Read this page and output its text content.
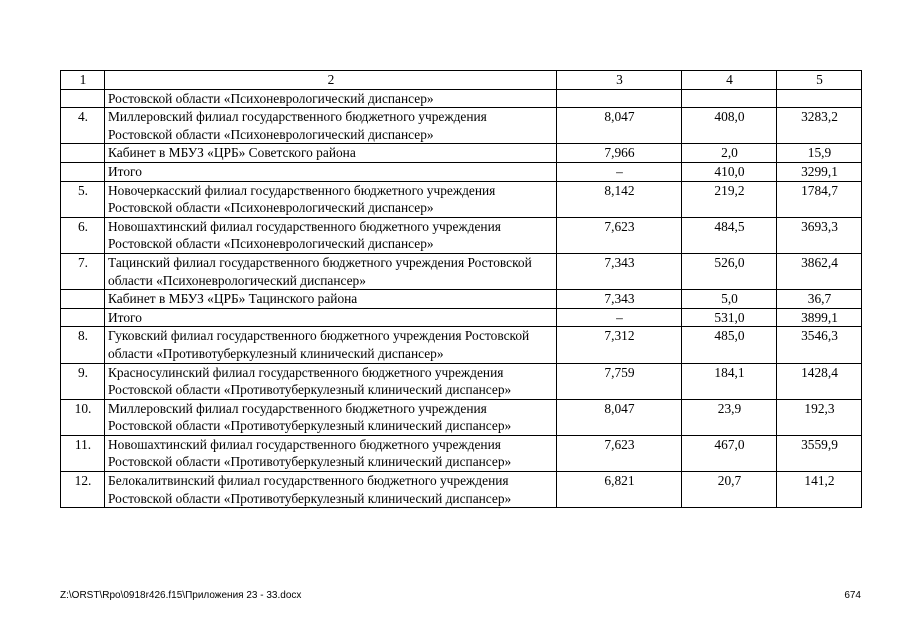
1	2	3	4	5
	Ростовской области «Психоневрологический диспансер»			
4.	Миллеровский филиал государственного бюджетного учреждения Ростовской области «Психоневрологический диспансер»	8,047	408,0	3283,2
	Кабинет в МБУЗ «ЦРБ» Советского района	7,966	2,0	15,9
	Итого	–	410,0	3299,1
5.	Новочеркасский филиал государственного бюджетного учреждения Ростовской области «Психоневрологический диспансер»	8,142	219,2	1784,7
6.	Новошахтинский филиал государственного бюджетного учреждения Ростовской области «Психоневрологический диспансер»	7,623	484,5	3693,3
7.	Тацинский филиал государственного бюджетного учреждения Ростовской области «Психоневрологический диспансер»	7,343	526,0	3862,4
	Кабинет в МБУЗ «ЦРБ» Тацинского района	7,343	5,0	36,7
	Итого	–	531,0	3899,1
8.	Гуковский филиал государственного бюджетного учреждения Ростовской области «Противотуберкулезный клинический диспансер»	7,312	485,0	3546,3
9.	Красносулинский филиал государственного бюджетного учреждения Ростовской области «Противотуберкулезный клинический диспансер»	7,759	184,1	1428,4
10.	Миллеровский филиал государственного бюджетного учреждения Ростовской области «Противотуберкулезный клинический диспансер»	8,047	23,9	192,3
11.	Новошахтинский филиал государственного бюджетного учреждения Ростовской области «Противотуберкулезный клинический диспансер»	7,623	467,0	3559,9
12.	Белокалитвинский филиал государственного бюджетного учреждения Ростовской области «Противотуберкулезный клинический диспансер»	6,821	20,7	141,2
Z:\ORST\Rpo\0918r426.f15\Приложения 23 - 33.docx	674
